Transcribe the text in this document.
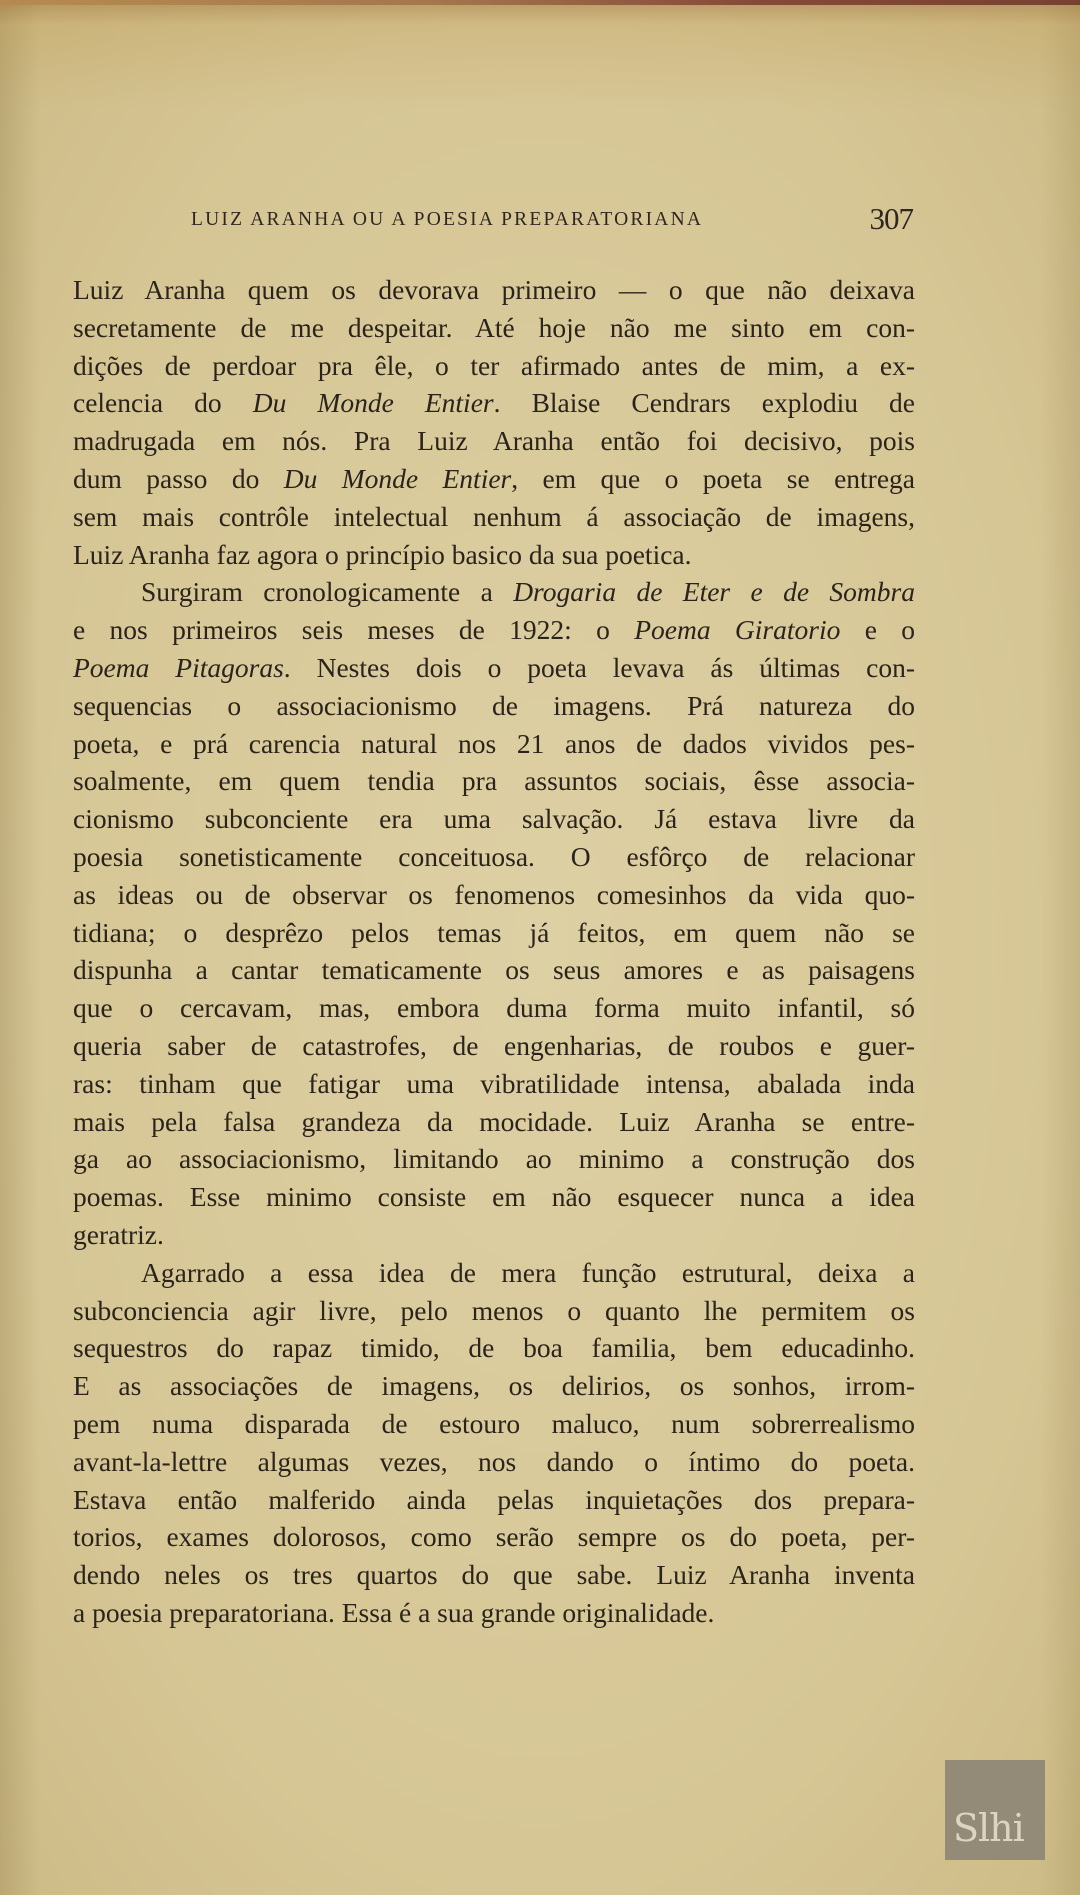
LUIZ ARANHA OU A POESIA PREPARATORIANA	307
Luiz Aranha quem os devorava primeiro — o que não deixava
secretamente de me despeitar. Até hoje não me sinto em con-
dições de perdoar pra êle, o ter afirmado antes de mim, a ex-
celencia do Du Monde Entier. Blaise Cendrars explodiu de
madrugada em nós. Pra Luiz Aranha então foi decisivo, pois
dum passo do Du Monde Entier, em que o poeta se entrega
sem mais contrôle intelectual nenhum á associação de imagens,
Luiz Aranha faz agora o princípio basico da sua poetica.
Surgiram cronologicamente a Drogaria de Eter e de Sombra
e nos primeiros seis meses de 1922: o Poema Giratorio e o
Poema Pitagoras. Nestes dois o poeta levava ás últimas con-
sequencias o associacionismo de imagens. Prá natureza do
poeta, e prá carencia natural nos 21 anos de dados vividos pes-
soalmente, em quem tendia pra assuntos sociais, êsse associa-
cionismo subconciente era uma salvação. Já estava livre da
poesia sonetisticamente conceituosa. O esfôrço de relacionar
as ideas ou de observar os fenomenos comesinhos da vida quo-
tidiana; o desprêzo pelos temas já feitos, em quem não se
dispunha a cantar tematicamente os seus amores e as paisagens
que o cercavam, mas, embora duma forma muito infantil, só
queria saber de catastrofes, de engenharias, de roubos e guer-
ras: tinham que fatigar uma vibratilidade intensa, abalada inda
mais pela falsa grandeza da mocidade. Luiz Aranha se entre-
ga ao associacionismo, limitando ao minimo a construção dos
poemas. Esse minimo consiste em não esquecer nunca a idea
geratriz.
Agarrado a essa idea de mera função estrutural, deixa a
subconciencia agir livre, pelo menos o quanto lhe permitem os
sequestros do rapaz timido, de boa familia, bem educadinho.
E as associações de imagens, os delirios, os sonhos, irrom-
pem numa disparada de estouro maluco, num sobrerrealismo
avant-la-lettre algumas vezes, nos dando o íntimo do poeta.
Estava então malferido ainda pelas inquietações dos prepara-
torios, exames dolorosos, como serão sempre os do poeta, per-
dendo neles os tres quartos do que sabe. Luiz Aranha inventa
a poesia preparatoriana. Essa é a sua grande originalidade.
Slhi
